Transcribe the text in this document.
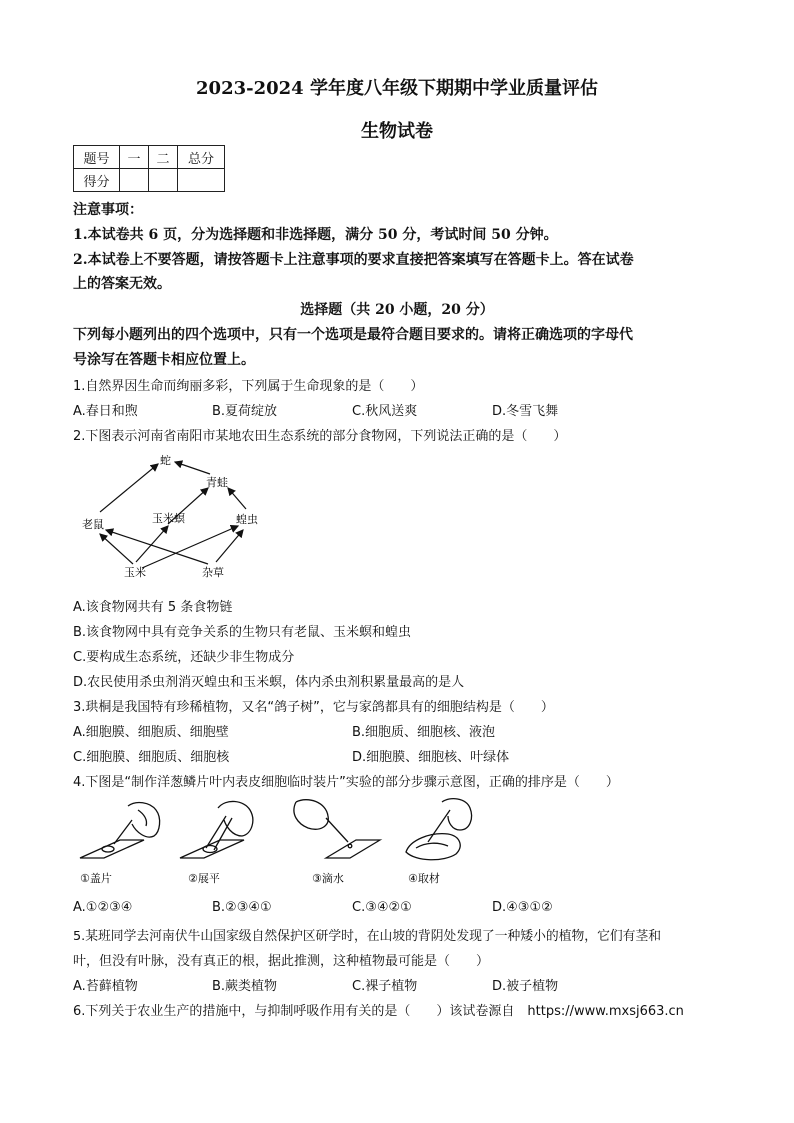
2023-2024 学年度八年级下期期中学业质量评估
生物试卷
题号	一	二	总分
得分			
注意事项：
1.本试卷共 6 页，分为选择题和非选择题，满分 50 分，考试时间 50 分钟。
2.本试卷上不要答题，请按答题卡上注意事项的要求直接把答案填写在答题卡上。答在试卷
上的答案无效。
选择题（共 20 小题，20 分）
下列每小题列出的四个选项中，只有一个选项是最符合题目要求的。请将正确选项的字母代
号涂写在答题卡相应位置上。
1.自然界因生命而绚丽多彩，下列属于生命现象的是（　　）
A.春日和煦	B.夏荷绽放	C.秋风送爽	D.冬雪飞舞
2.下图表示河南省南阳市某地农田生态系统的部分食物网，下列说法正确的是（　　）
蛇
青蛙
老鼠	玉米螟	蝗虫
玉米	杂草
A.该食物网共有 5 条食物链
B.该食物网中具有竞争关系的生物只有老鼠、玉米螟和蝗虫
C.要构成生态系统，还缺少非生物成分
D.农民使用杀虫剂消灭蝗虫和玉米螟，体内杀虫剂积累量最高的是人
3.珙桐是我国特有珍稀植物，又名“鸽子树”，它与家鸽都具有的细胞结构是（　　）
A.细胞膜、细胞质、细胞壁	B.细胞质、细胞核、液泡
C.细胞膜、细胞质、细胞核	D.细胞膜、细胞核、叶绿体
4.下图是“制作洋葱鳞片叶内表皮细胞临时装片”实验的部分步骤示意图，正确的排序是（　　）
①盖片	②展平	③滴水	④取材
A.①②③④	B.②③④①	C.③④②①	D.④③①②
5.某班同学去河南伏牛山国家级自然保护区研学时，在山坡的背阴处发现了一种矮小的植物，它们有茎和
叶，但没有叶脉，没有真正的根，据此推测，这种植物最可能是（　　）
A.苔藓植物	B.蕨类植物	C.裸子植物	D.被子植物
6.下列关于农业生产的措施中，与抑制呼吸作用有关的是（　　）该试卷源自　https://www.mxsj663.cn
